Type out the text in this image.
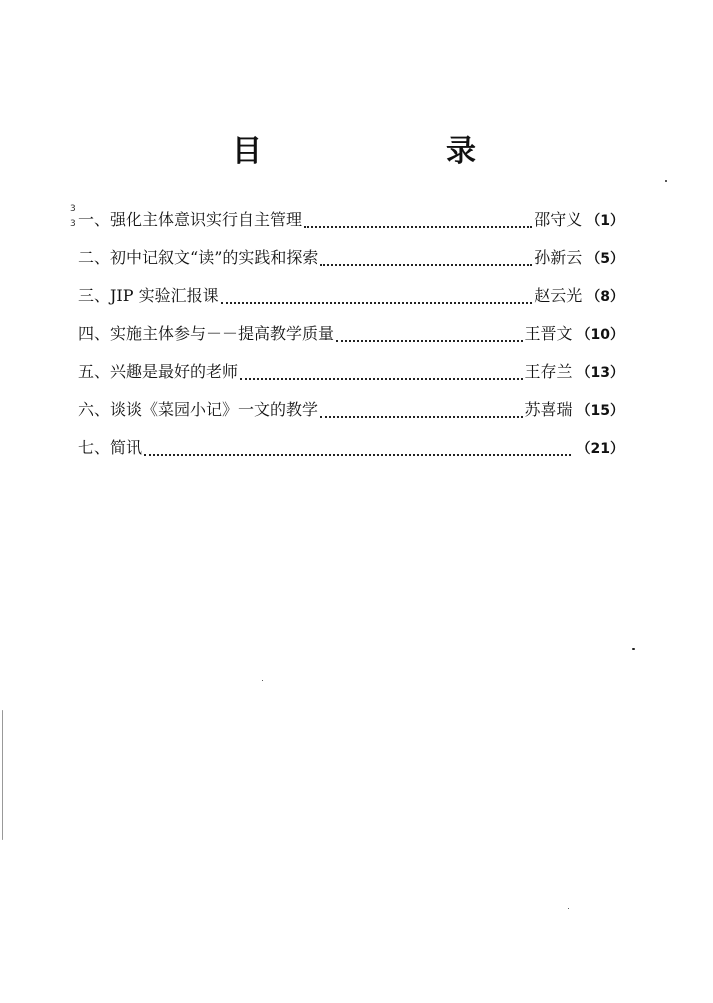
目	录
3
3 一、 强化主体意识实行自主管理	邵守义 （1）
二、 初中记叙文“读”的实践和探索	孙新云 （5）
三、 JIP 实验汇报课	赵云光 （8）
四、 实施主体参与－－提高教学质量	王晋文 （10）
五、 兴趣是最好的老师	王存兰 （13）
六、 谈谈《菜园小记》一文的教学	苏喜瑞 （15）
七、 简讯	（21）
